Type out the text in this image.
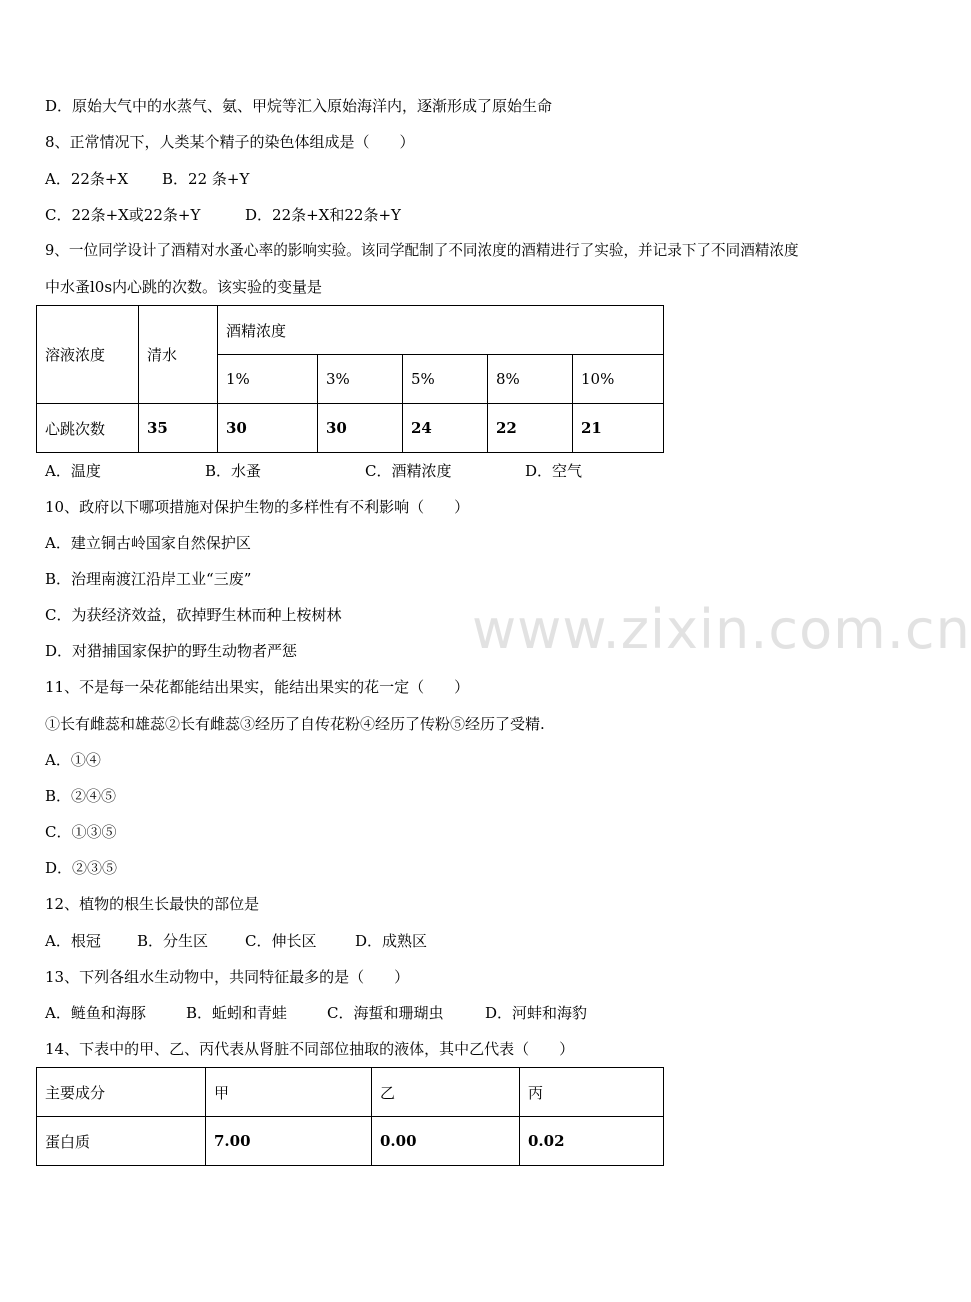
D．原始大气中的水蒸气、氨、甲烷等汇入原始海洋内，逐渐形成了原始生命
8、正常情况下，人类某个精子的染色体组成是（　　）
A．22条+X B．22 条+Y
C．22条+X或22条+Y	D．22条+X和22条+Y
9、一位同学设计了酒精对水蚤心率的影响实验。该同学配制了不同浓度的酒精进行了实验，并记录下了不同酒精浓度
中水蚤l0s内心跳的次数。该实验的变量是
溶液浓度	清水	酒精浓度				
		1%	3%	5%	8%	10%
心跳次数	35	30	30	24	22	21
A．温度	B．水蚤	C．酒精浓度	D．空气
10、政府以下哪项措施对保护生物的多样性有不利影响（　　）
A．建立铜古岭国家自然保护区
B．治理南渡江沿岸工业“三废”
C．为获经济效益，砍掉野生林而种上桉树林
D．对猎捕国家保护的野生动物者严惩
11、不是每一朵花都能结出果实，能结出果实的花一定（　　）
①长有雌蕊和雄蕊②长有雌蕊③经历了自传花粉④经历了传粉⑤经历了受精.
A．①④
B．②④⑤
C．①③⑤
D．②③⑤
12、植物的根生长最快的部位是
A．根冠 B．分生区 C．伸长区	D．成熟区
13、下列各组水生动物中，共同特征最多的是（　　）
A．鲢鱼和海豚	B．蚯蚓和青蛙	C．海蜇和珊瑚虫	D．河蚌和海豹
14、下表中的甲、乙、丙代表从肾脏不同部位抽取的液体，其中乙代表（　　）
主要成分	甲	乙	丙
蛋白质	7.00	0.00	0.02
www.zixin.com.cn
